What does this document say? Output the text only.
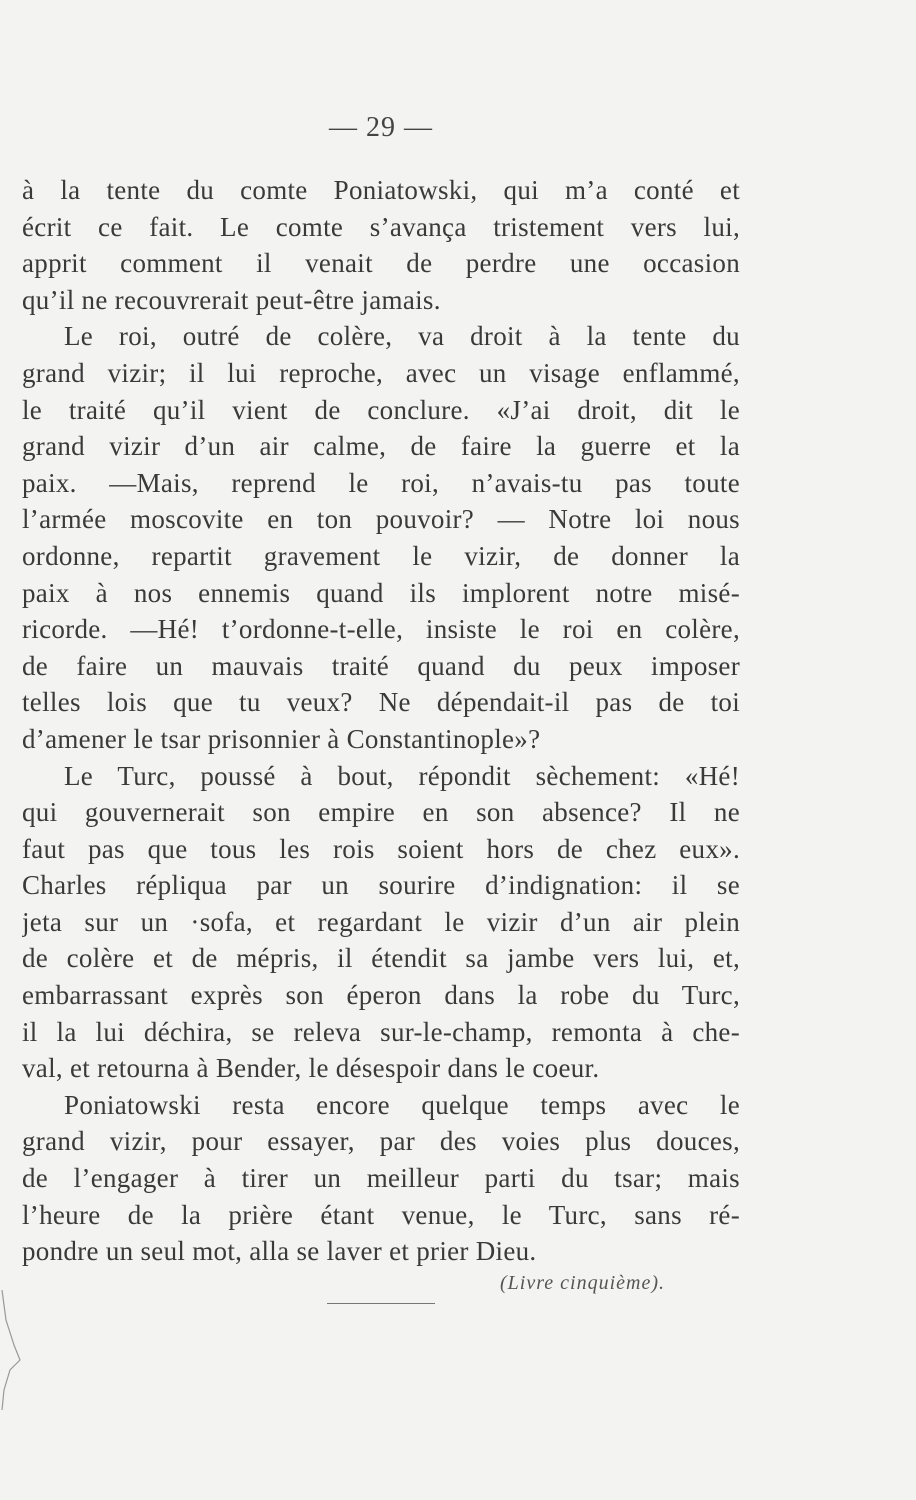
— 29 —
à la tente du comte Poniatowski, qui m’a conté et
écrit ce fait. Le comte s’avança tristement vers lui,
apprit comment il venait de perdre une occasion
qu’il ne recouvrerait peut-être jamais.
Le roi, outré de colère, va droit à la tente du
grand vizir; il lui reproche, avec un visage enflammé,
le traité qu’il vient de conclure. «J’ai droit, dit le
grand vizir d’un air calme, de faire la guerre et la
paix. —Mais, reprend le roi, n’avais-tu pas toute
l’armée moscovite en ton pouvoir? — Notre loi nous
ordonne, repartit gravement le vizir, de donner la
paix à nos ennemis quand ils implorent notre misé-
ricorde. —Hé! t’ordonne-t-elle, insiste le roi en colère,
de faire un mauvais traité quand du peux imposer
telles lois que tu veux? Ne dépendait-il pas de toi
d’amener le tsar prisonnier à Constantinople»?
Le Turc, poussé à bout, répondit sèchement: «Hé!
qui gouvernerait son empire en son absence? Il ne
faut pas que tous les rois soient hors de chez eux».
Charles répliqua par un sourire d’indignation: il se
jeta sur un ·sofa, et regardant le vizir d’un air plein
de colère et de mépris, il étendit sa jambe vers lui, et,
embarrassant exprès son éperon dans la robe du Turc,
il la lui déchira, se releva sur-le-champ, remonta à che-
val, et retourna à Bender, le désespoir dans le coeur.
Poniatowski resta encore quelque temps avec le
grand vizir, pour essayer, par des voies plus douces,
de l’engager à tirer un meilleur parti du tsar; mais
l’heure de la prière étant venue, le Turc, sans ré-
pondre un seul mot, alla se laver et prier Dieu.
(Livre cinquième).
